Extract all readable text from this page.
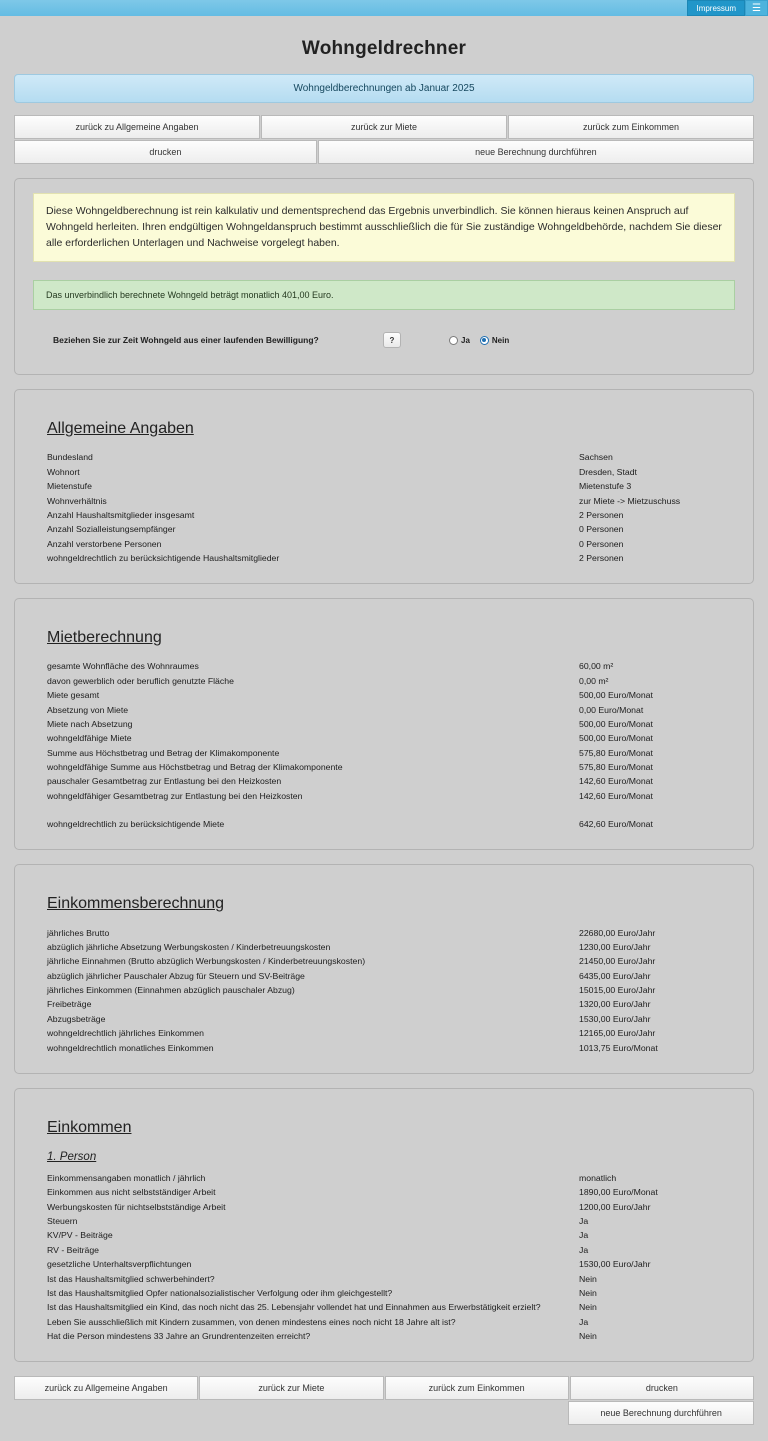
Impressum	☰
Wohngeldrechner
Wohngeldberechnungen ab Januar 2025
zurück zu Allgemeine Angaben	zurück zur Miete	zurück zum Einkommen
drucken	neue Berechnung durchführen
Diese Wohngeldberechnung ist rein kalkulativ und dementsprechend das Ergebnis unverbindlich. Sie können hieraus keinen Anspruch auf Wohngeld herleiten. Ihren endgültigen Wohngeldanspruch bestimmt ausschließlich die für Sie zuständige Wohngeldbehörde, nachdem Sie dieser alle erforderlichen Unterlagen und Nachweise vorgelegt haben.
Das unverbindlich berechnete Wohngeld beträgt monatlich 401,00 Euro.
Beziehen Sie zur Zeit Wohngeld aus einer laufenden Bewilligung?	?	Ja	Nein
Allgemeine Angaben
Bundesland	Sachsen
Wohnort	Dresden, Stadt
Mietenstufe	Mietenstufe 3
Wohnverhältnis	zur Miete -> Mietzuschuss
Anzahl Haushaltsmitglieder insgesamt	2 Personen
Anzahl Sozialleistungsempfänger	0 Personen
Anzahl verstorbene Personen	0 Personen
wohngeldrechtlich zu berücksichtigende Haushaltsmitglieder	2 Personen
Mietberechnung
gesamte Wohnfläche des Wohnraumes	60,00 m²
davon gewerblich oder beruflich genutzte Fläche	0,00 m²
Miete gesamt	500,00 Euro/Monat
Absetzung von Miete	0,00 Euro/Monat
Miete nach Absetzung	500,00 Euro/Monat
wohngeldfähige Miete	500,00 Euro/Monat
Summe aus Höchstbetrag und Betrag der Klimakomponente	575,80 Euro/Monat
wohngeldfähige Summe aus Höchstbetrag und Betrag der Klimakomponente	575,80 Euro/Monat
pauschaler Gesamtbetrag zur Entlastung bei den Heizkosten	142,60 Euro/Monat
wohngeldfähiger Gesamtbetrag zur Entlastung bei den Heizkosten	142,60 Euro/Monat

wohngeldrechtlich zu berücksichtigende Miete	642,60 Euro/Monat
Einkommensberechnung
jährliches Brutto	22680,00 Euro/Jahr
abzüglich jährliche Absetzung Werbungskosten / Kinderbetreuungskosten	1230,00 Euro/Jahr
jährliche Einnahmen (Brutto abzüglich Werbungskosten / Kinderbetreuungskosten)	21450,00 Euro/Jahr
abzüglich jährlicher Pauschaler Abzug für Steuern und SV-Beiträge	6435,00 Euro/Jahr
jährliches Einkommen (Einnahmen abzüglich pauschaler Abzug)	15015,00 Euro/Jahr
Freibeträge	1320,00 Euro/Jahr
Abzugsbeträge	1530,00 Euro/Jahr
wohngeldrechtlich jährliches Einkommen	12165,00 Euro/Jahr
wohngeldrechtlich monatliches Einkommen	1013,75 Euro/Monat
Einkommen
1. Person
Einkommensangaben monatlich / jährlich	monatlich
Einkommen aus nicht selbstständiger Arbeit	1890,00 Euro/Monat
Werbungskosten für nichtselbstständige Arbeit	1200,00 Euro/Jahr
Steuern	Ja
KV/PV - Beiträge	Ja
RV - Beiträge	Ja
gesetzliche Unterhaltsverpflichtungen	1530,00 Euro/Jahr
Ist das Haushaltsmitglied schwerbehindert?	Nein
Ist das Haushaltsmitglied Opfer nationalsozialistischer Verfolgung oder ihm gleichgestellt?	Nein
Ist das Haushaltsmitglied ein Kind, das noch nicht das 25. Lebensjahr vollendet hat und Einnahmen aus Erwerbstätigkeit erzielt?	Nein
Leben Sie ausschließlich mit Kindern zusammen, von denen mindestens eines noch nicht 18 Jahre alt ist?	Ja
Hat die Person mindestens 33 Jahre an Grundrentenzeiten erreicht?	Nein
zurück zu Allgemeine Angaben	zurück zur Miete	zurück zum Einkommen	drucken
neue Berechnung durchführen
